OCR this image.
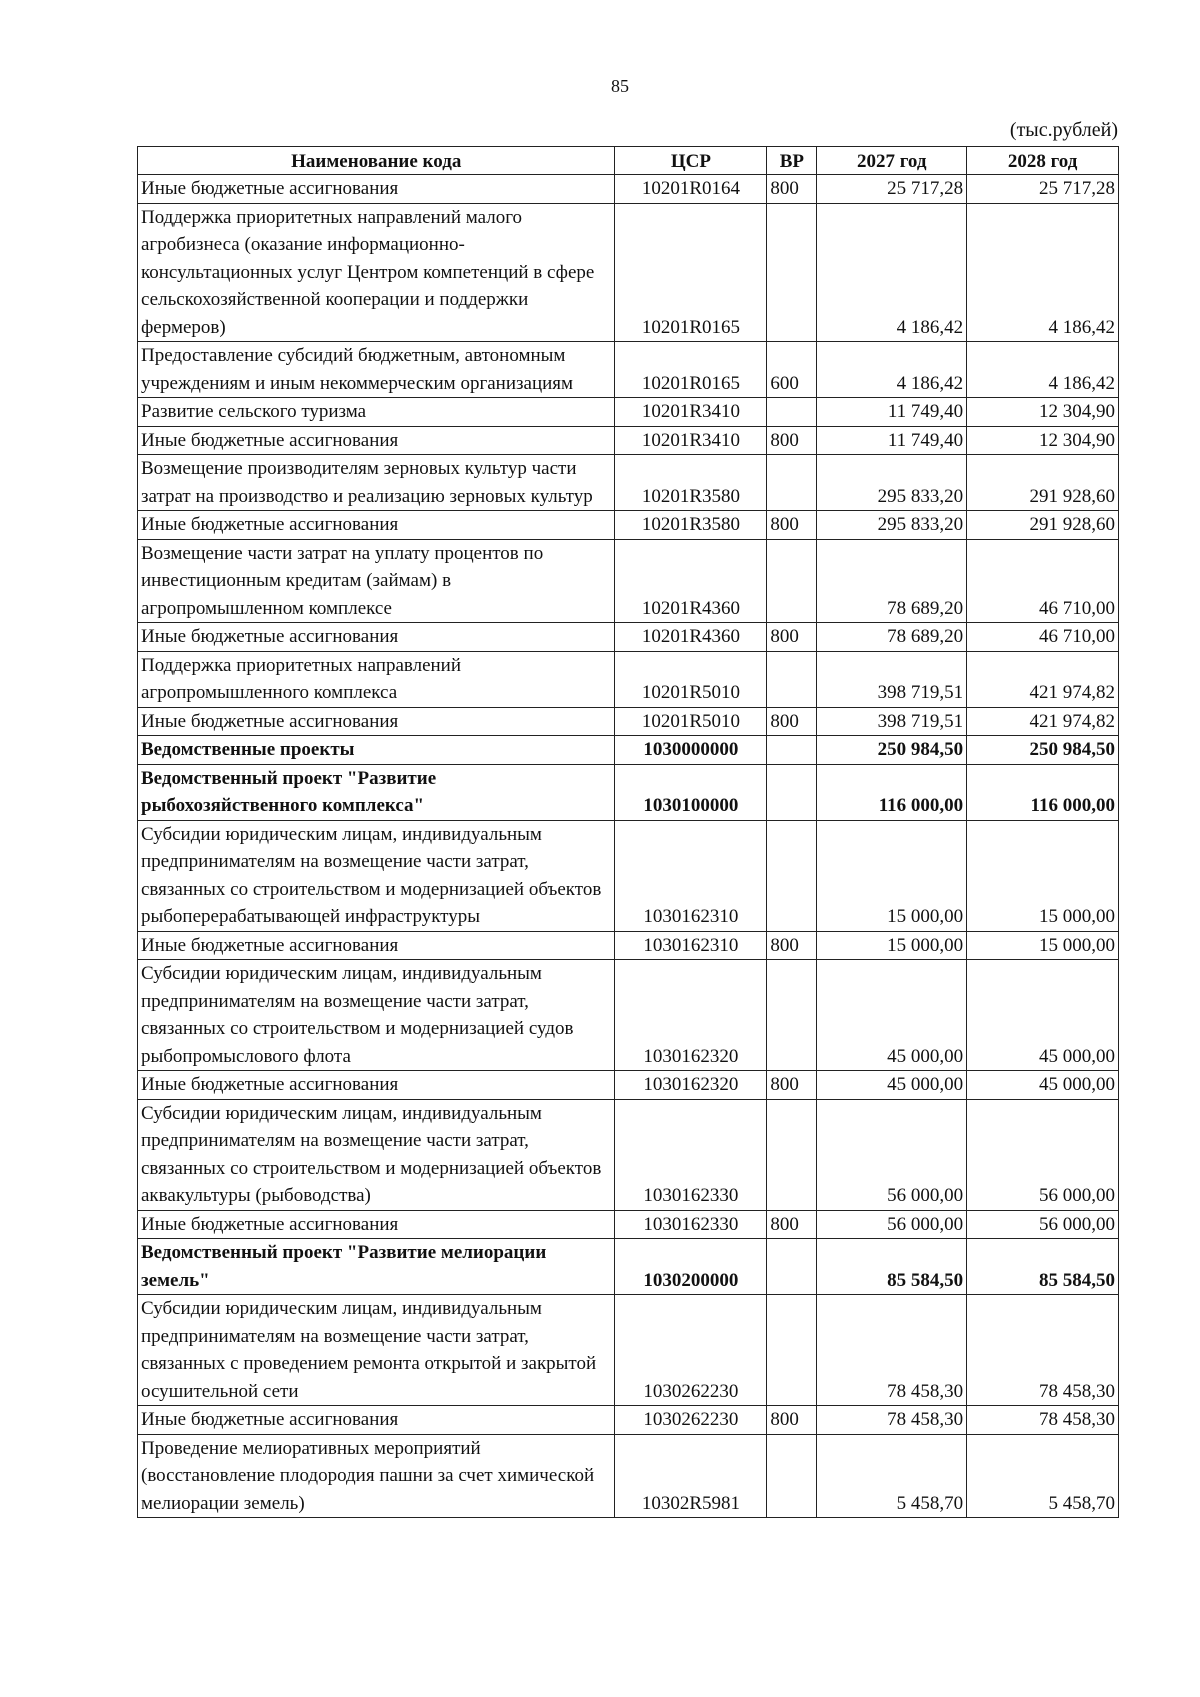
85
(тыс.рублей)
Наименование кода	ЦСР	ВР	2027 год	2028 год
Иные бюджетные ассигнования	10201R0164	800	25 717,28	25 717,28
Поддержка приоритетных направлений малого агробизнеса (оказание информационно-консультационных услуг Центром компетенций в сфере сельскохозяйственной кооперации и поддержки фермеров)	10201R0165		4 186,42	4 186,42
Предоставление субсидий бюджетным, автономным учреждениям и иным некоммерческим организациям	10201R0165	600	4 186,42	4 186,42
Развитие сельского туризма	10201R3410		11 749,40	12 304,90
Иные бюджетные ассигнования	10201R3410	800	11 749,40	12 304,90
Возмещение производителям зерновых культур части затрат на производство и реализацию зерновых культур	10201R3580		295 833,20	291 928,60
Иные бюджетные ассигнования	10201R3580	800	295 833,20	291 928,60
Возмещение части затрат на уплату процентов по инвестиционным кредитам (займам) в агропромышленном комплексе	10201R4360		78 689,20	46 710,00
Иные бюджетные ассигнования	10201R4360	800	78 689,20	46 710,00
Поддержка приоритетных направлений агропромышленного комплекса	10201R5010		398 719,51	421 974,82
Иные бюджетные ассигнования	10201R5010	800	398 719,51	421 974,82
Ведомственные проекты	1030000000		250 984,50	250 984,50
Ведомственный проект "Развитие рыбохозяйственного комплекса"	1030100000		116 000,00	116 000,00
Субсидии юридическим лицам, индивидуальным предпринимателям на возмещение части затрат, связанных со строительством и модернизацией объектов рыбоперерабатывающей инфраструктуры	1030162310		15 000,00	15 000,00
Иные бюджетные ассигнования	1030162310	800	15 000,00	15 000,00
Субсидии юридическим лицам, индивидуальным предпринимателям на возмещение части затрат, связанных со строительством и модернизацией судов рыбопромыслового флота	1030162320		45 000,00	45 000,00
Иные бюджетные ассигнования	1030162320	800	45 000,00	45 000,00
Субсидии юридическим лицам, индивидуальным предпринимателям на возмещение части затрат, связанных со строительством и модернизацией объектов аквакультуры (рыбоводства)	1030162330		56 000,00	56 000,00
Иные бюджетные ассигнования	1030162330	800	56 000,00	56 000,00
Ведомственный проект "Развитие мелиорации земель"	1030200000		85 584,50	85 584,50
Субсидии юридическим лицам, индивидуальным предпринимателям на возмещение части затрат, связанных с проведением ремонта открытой и закрытой осушительной сети	1030262230		78 458,30	78 458,30
Иные бюджетные ассигнования	1030262230	800	78 458,30	78 458,30
Проведение мелиоративных мероприятий (восстановление плодородия пашни за счет химической мелиорации земель)	10302R5981		5 458,70	5 458,70
